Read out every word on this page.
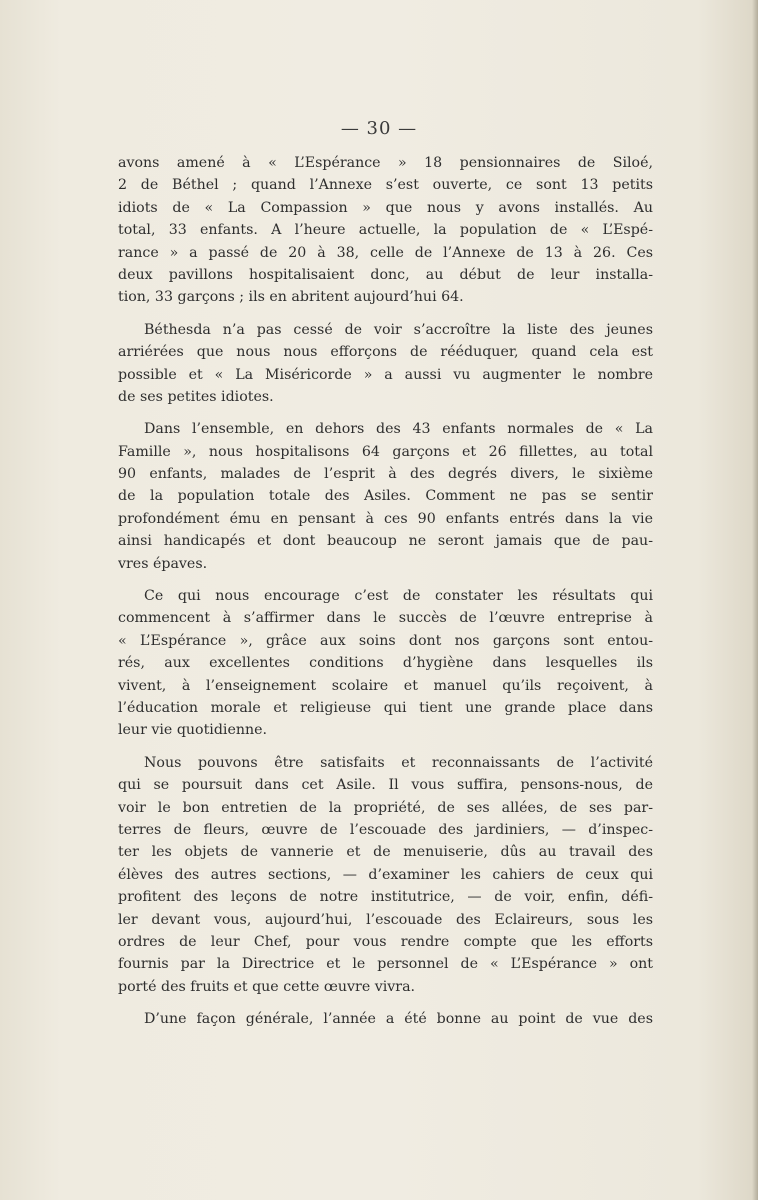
— 30 —
avons amené à « L’Espérance » 18 pensionnaires de Siloé,
2 de Béthel ; quand l’Annexe s’est ouverte, ce sont 13 petits
idiots de « La Compassion » que nous y avons installés. Au
total, 33 enfants. A l’heure actuelle, la population de « L’Espé-
rance » a passé de 20 à 38, celle de l’Annexe de 13 à 26. Ces
deux pavillons hospitalisaient donc, au début de leur installa-
tion, 33 garçons ; ils en abritent aujourd’hui 64.
Béthesda n’a pas cessé de voir s’accroître la liste des jeunes
arriérées que nous nous efforçons de rééduquer, quand cela est
possible et « La Miséricorde » a aussi vu augmenter le nombre
de ses petites idiotes.
Dans l’ensemble, en dehors des 43 enfants normales de « La
Famille », nous hospitalisons 64 garçons et 26 fillettes, au total
90 enfants, malades de l’esprit à des degrés divers, le sixième
de la population totale des Asiles. Comment ne pas se sentir
profondément ému en pensant à ces 90 enfants entrés dans la vie
ainsi handicapés et dont beaucoup ne seront jamais que de pau-
vres épaves.
Ce qui nous encourage c’est de constater les résultats qui
commencent à s’affirmer dans le succès de l’œuvre entreprise à
« L’Espérance », grâce aux soins dont nos garçons sont entou-
rés, aux excellentes conditions d’hygiène dans lesquelles ils
vivent, à l’enseignement scolaire et manuel qu’ils reçoivent, à
l’éducation morale et religieuse qui tient une grande place dans
leur vie quotidienne.
Nous pouvons être satisfaits et reconnaissants de l’activité
qui se poursuit dans cet Asile. Il vous suffira, pensons-nous, de
voir le bon entretien de la propriété, de ses allées, de ses par-
terres de fleurs, œuvre de l’escouade des jardiniers, — d’inspec-
ter les objets de vannerie et de menuiserie, dûs au travail des
élèves des autres sections, — d’examiner les cahiers de ceux qui
profitent des leçons de notre institutrice, — de voir, enfin, défi-
ler devant vous, aujourd’hui, l’escouade des Eclaireurs, sous les
ordres de leur Chef, pour vous rendre compte que les efforts
fournis par la Directrice et le personnel de « L’Espérance » ont
porté des fruits et que cette œuvre vivra.
D’une façon générale, l’année a été bonne au point de vue des
